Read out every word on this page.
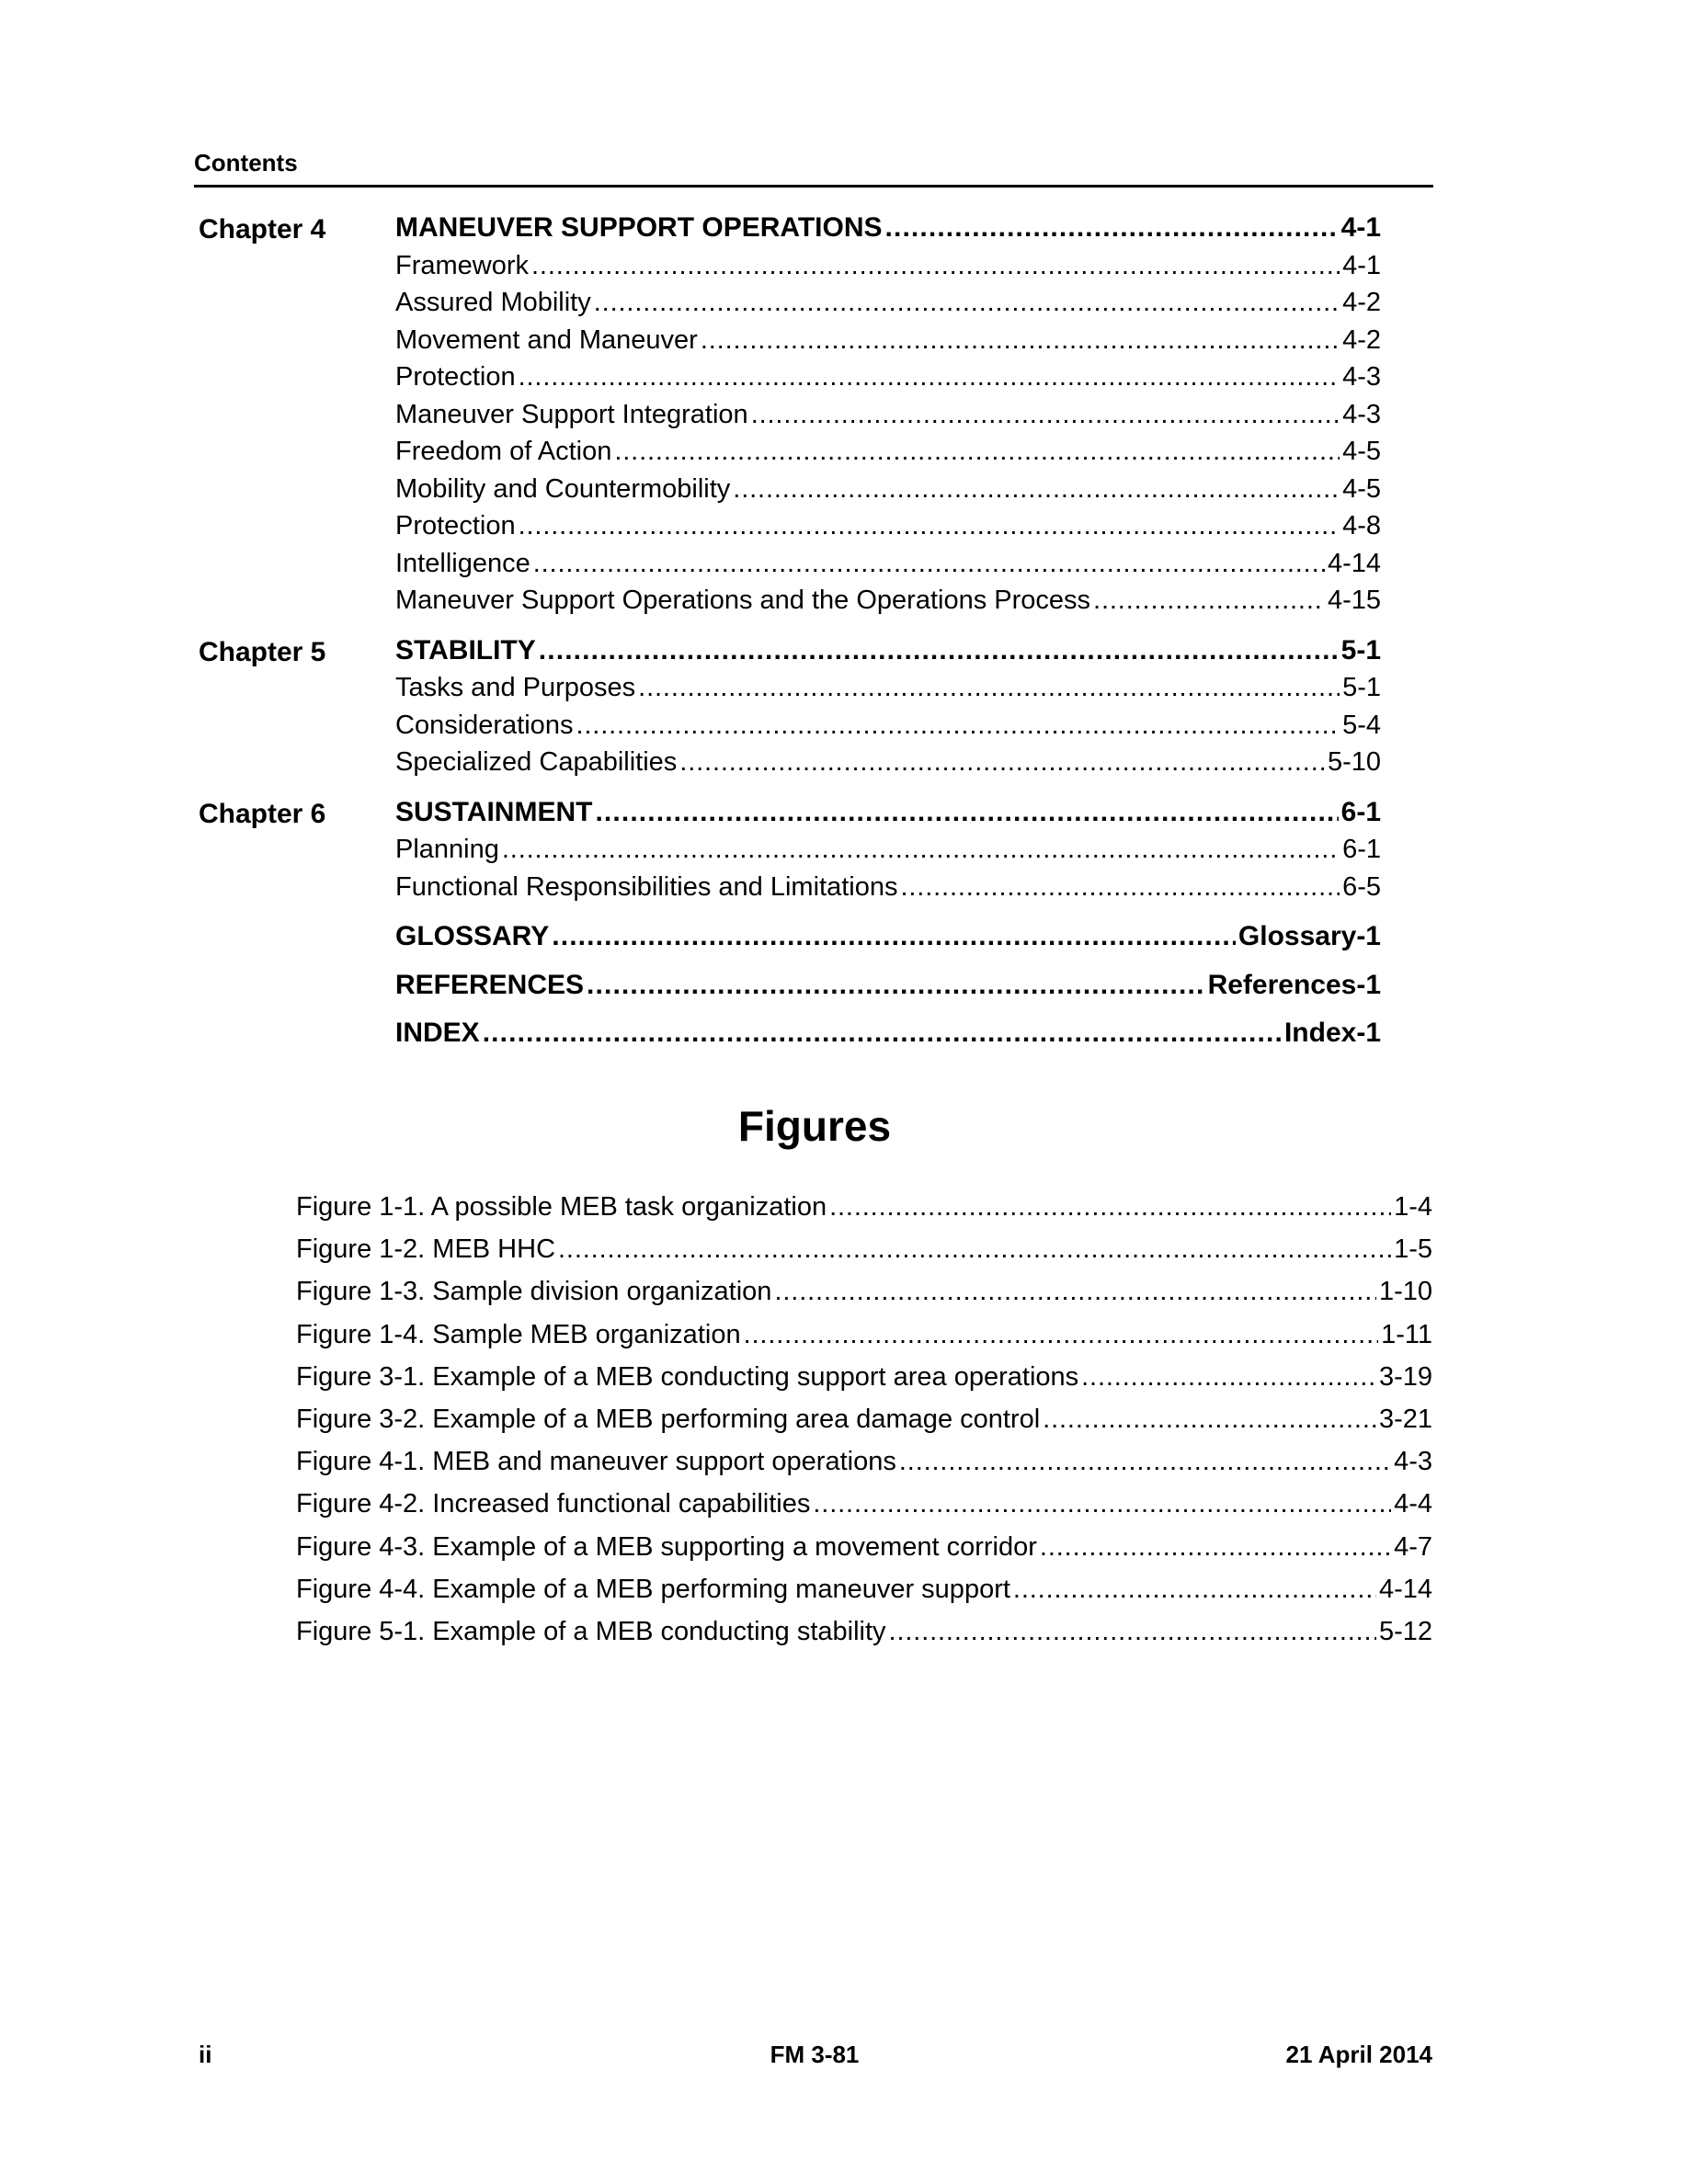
Contents
Chapter 4	MANEUVER SUPPORT OPERATIONS . . .	4-1
Framework . . .	4-1
Assured Mobility . . .	4-2
Movement and Maneuver . . .	4-2
Protection . . .	4-3
Maneuver Support Integration . . .	4-3
Freedom of Action . . .	4-5
Mobility and Countermobility . . .	4-5
Protection . . .	4-8
Intelligence . . .	4-14
Maneuver Support Operations and the Operations Process . . .	4-15
Chapter 5	STABILITY . . .	5-1
Tasks and Purposes . . .	5-1
Considerations . . .	5-4
Specialized Capabilities . . .	5-10
Chapter 6	SUSTAINMENT . . .	6-1
Planning . . .	6-1
Functional Responsibilities and Limitations . . .	6-5
GLOSSARY . . .	Glossary-1
REFERENCES . . .	References-1
INDEX . . .	Index-1
Figures
Figure 1-1. A possible MEB task organization . . .	1-4
Figure 1-2. MEB HHC . . .	1-5
Figure 1-3. Sample division organization . . .	1-10
Figure 1-4. Sample MEB organization . . .	1-11
Figure 3-1. Example of a MEB conducting support area operations . . .	3-19
Figure 3-2. Example of a MEB performing area damage control . . .	3-21
Figure 4-1. MEB and maneuver support operations . . .	4-3
Figure 4-2. Increased functional capabilities . . .	4-4
Figure 4-3. Example of a MEB supporting a movement corridor . . .	4-7
Figure 4-4. Example of a MEB performing maneuver support . . .	4-14
Figure 5-1. Example of a MEB conducting stability . . .	5-12
ii	FM 3-81	21 April 2014
